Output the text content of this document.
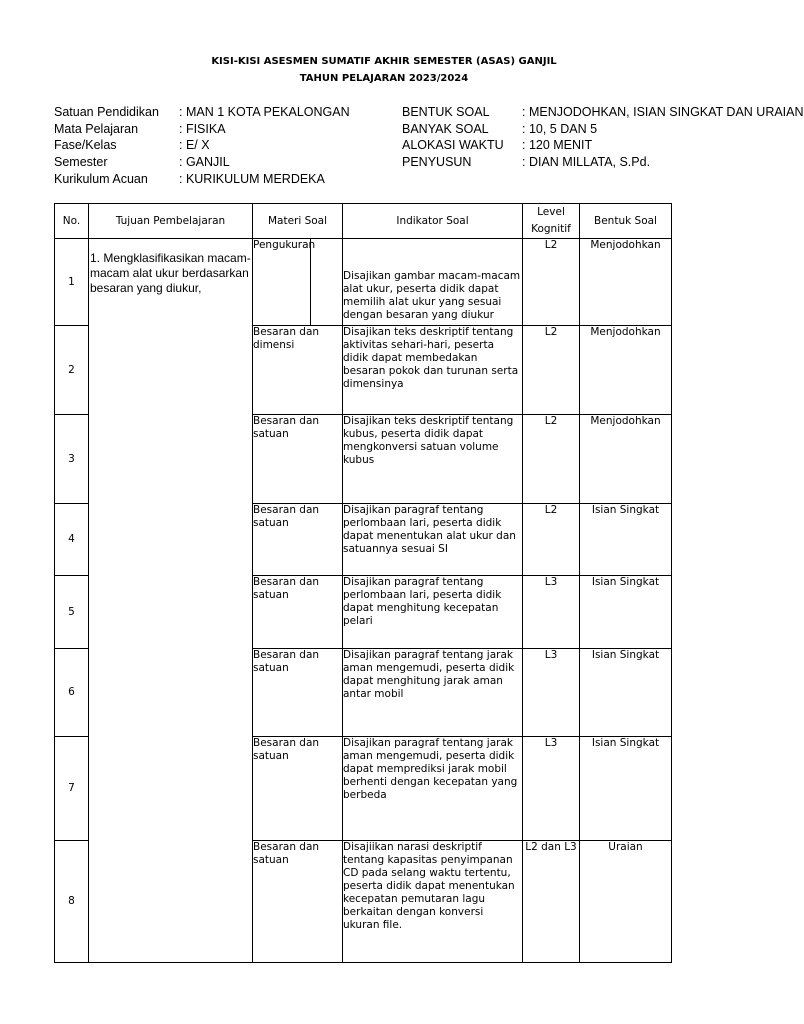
KISI-KISI ASESMEN SUMATIF AKHIR SEMESTER (ASAS) GANJIL
TAHUN PELAJARAN 2023/2024
Satuan Pendidikan : MAN 1 KOTA PEKALONGAN
Mata Pelajaran	: FISIKA
Fase/Kelas	: E/ X
Semester	: GANJIL
Kurikulum Acuan : KURIKULUM MERDEKA
BENTUK SOAL	: MENJODOHKAN, ISIAN SINGKAT DAN URAIAN
BANYAK SOAL	: 10, 5 DAN 5
ALOKASI WAKTU : 120 MENIT
PENYUSUN	: DIAN MILLATA, S.Pd.
No.	Tujuan Pembelajaran	Materi Soal	Indikator Soal	Level Kognitif	Bentuk Soal
1	1. Mengklasifikasikan macam-macam alat ukur berdasarkan besaran yang diukur,	Pengukuran	Disajikan gambar macam-macam alat ukur, peserta didik dapat memilih alat ukur yang sesuai dengan besaran yang diukur	L2	Menjodohkan
2		Besaran dan dimensi	Disajikan teks deskriptif tentang aktivitas sehari-hari, peserta didik dapat membedakan besaran pokok dan turunan serta dimensinya	L2	Menjodohkan
3		Besaran dan satuan	Disajikan teks deskriptif tentang kubus, peserta didik dapat mengkonversi satuan volume kubus	L2	Menjodohkan
4		Besaran dan satuan	Disajikan paragraf tentang perlombaan lari, peserta didik dapat menentukan alat ukur dan satuannya sesuai SI	L2	Isian Singkat
5		Besaran dan satuan	Disajikan paragraf tentang perlombaan lari, peserta didik dapat menghitung kecepatan pelari	L3	Isian Singkat
6		Besaran dan satuan	Disajikan paragraf tentang jarak aman mengemudi, peserta didik dapat menghitung jarak aman antar mobil	L3	Isian Singkat
7		Besaran dan satuan	Disajikan paragraf tentang jarak aman mengemudi, peserta didik dapat memprediksi jarak mobil berhenti dengan kecepatan yang berbeda	L3	Isian Singkat
8		Besaran dan satuan	Disajiikan narasi deskriptif tentang kapasitas penyimpanan CD pada selang waktu tertentu, peserta didik dapat menentukan kecepatan pemutaran lagu berkaitan dengan konversi ukuran file.	L2 dan L3	Uraian
